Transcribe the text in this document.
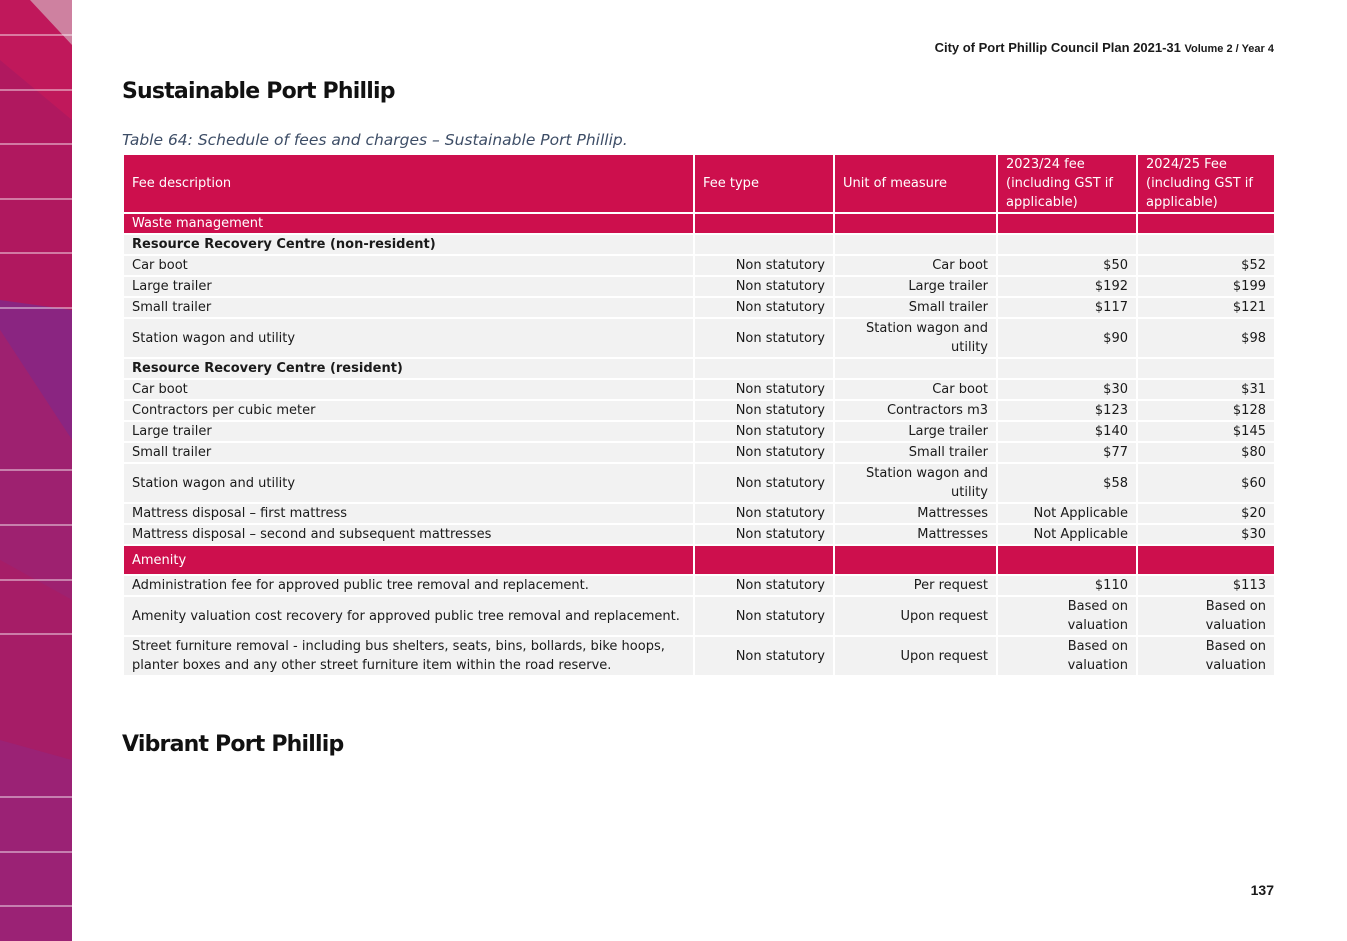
City of Port Phillip Council Plan 2021-31 Volume 2 / Year 4
Sustainable Port Phillip
Table 64: Schedule of fees and charges – Sustainable Port Phillip.
Fee description	Fee type	Unit of measure	2023/24 fee (including GST if applicable)	2024/25 Fee (including GST if applicable)
Waste management				
Resource Recovery Centre (non-resident)				
Car boot	Non statutory	Car boot	$50	$52
Large trailer	Non statutory	Large trailer	$192	$199
Small trailer	Non statutory	Small trailer	$117	$121
Station wagon and utility	Non statutory	Station wagon and utility	$90	$98
Resource Recovery Centre (resident)				
Car boot	Non statutory	Car boot	$30	$31
Contractors per cubic meter	Non statutory	Contractors m3	$123	$128
Large trailer	Non statutory	Large trailer	$140	$145
Small trailer	Non statutory	Small trailer	$77	$80
Station wagon and utility	Non statutory	Station wagon and utility	$58	$60
Mattress disposal – first mattress	Non statutory	Mattresses	Not Applicable	$20
Mattress disposal – second and subsequent mattresses	Non statutory	Mattresses	Not Applicable	$30
Amenity				
Administration fee for approved public tree removal and replacement.	Non statutory	Per request	$110	$113
Amenity valuation cost recovery for approved public tree removal and replacement.	Non statutory	Upon request	Based on valuation	Based on valuation
Street furniture removal - including bus shelters, seats, bins, bollards, bike hoops, planter boxes and any other street furniture item within the road reserve.	Non statutory	Upon request	Based on valuation	Based on valuation
Vibrant Port Phillip
137
